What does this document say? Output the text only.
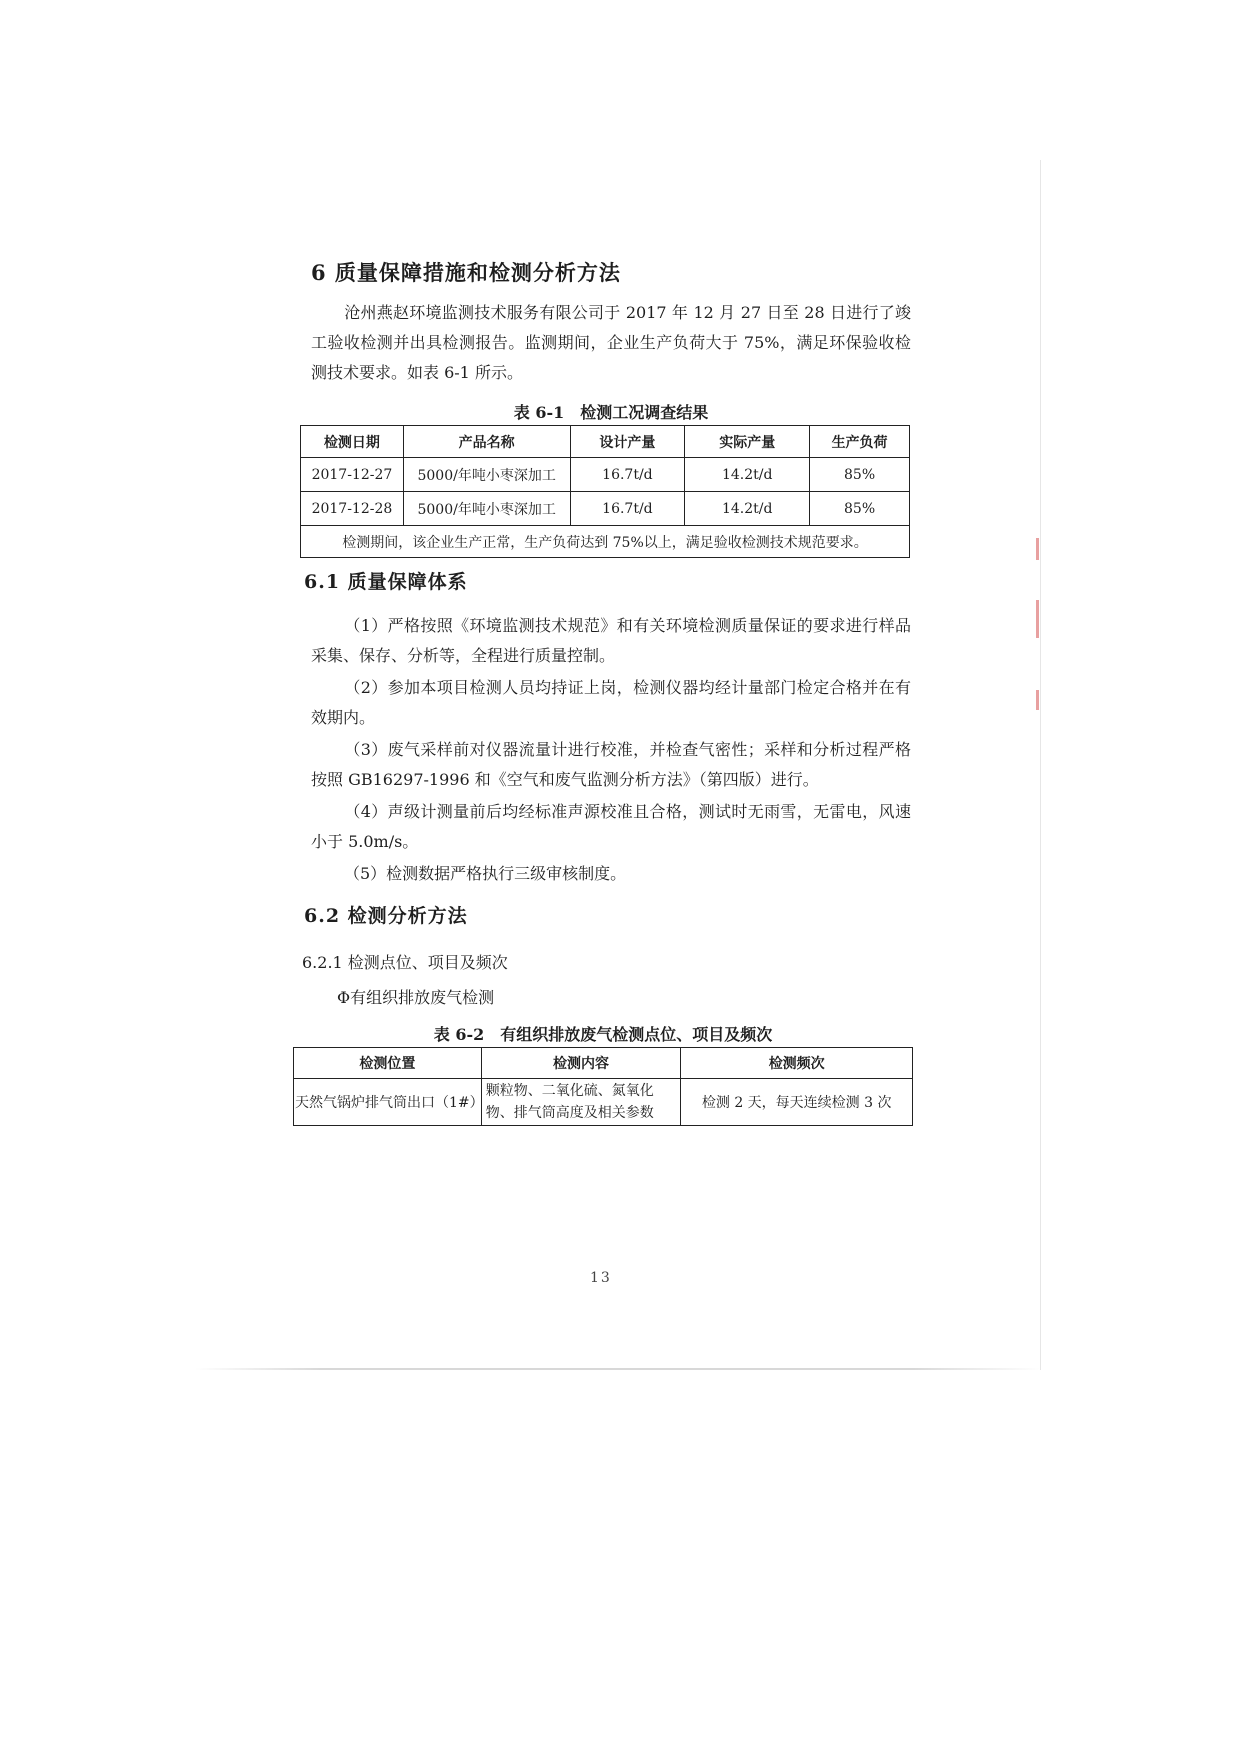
6 质量保障措施和检测分析方法
沧州燕赵环境监测技术服务有限公司于 2017 年 12 月 27 日至 28 日进行了竣工验收检测并出具检测报告。监测期间，企业生产负荷大于 75%，满足环保验收检测技术要求。如表 6-1 所示。
表 6-1　检测工况调查结果
检测日期	产品名称	设计产量	实际产量	生产负荷
2017-12-27	5000/年吨小枣深加工	16.7t/d	14.2t/d	85%
2017-12-28	5000/年吨小枣深加工	16.7t/d	14.2t/d	85%
检测期间，该企业生产正常，生产负荷达到 75%以上，满足验收检测技术规范要求。				
6.1 质量保障体系
（1）严格按照《环境监测技术规范》和有关环境检测质量保证的要求进行样品采集、保存、分析等，全程进行质量控制。
（2）参加本项目检测人员均持证上岗，检测仪器均经计量部门检定合格并在有效期内。
（3）废气采样前对仪器流量计进行校准，并检查气密性；采样和分析过程严格按照 GB16297-1996 和《空气和废气监测分析方法》（第四版）进行。
（4）声级计测量前后均经标准声源校准且合格，测试时无雨雪，无雷电，风速小于 5.0m/s。
（5）检测数据严格执行三级审核制度。
6.2 检测分析方法
6.2.1 检测点位、项目及频次
Φ有组织排放废气检测
表 6-2　有组织排放废气检测点位、项目及频次
检测位置	检测内容	检测频次
天然气锅炉排气筒出口（1#）	颗粒物、二氧化硫、氮氧化物、排气筒高度及相关参数	检测 2 天，每天连续检测 3 次
13
